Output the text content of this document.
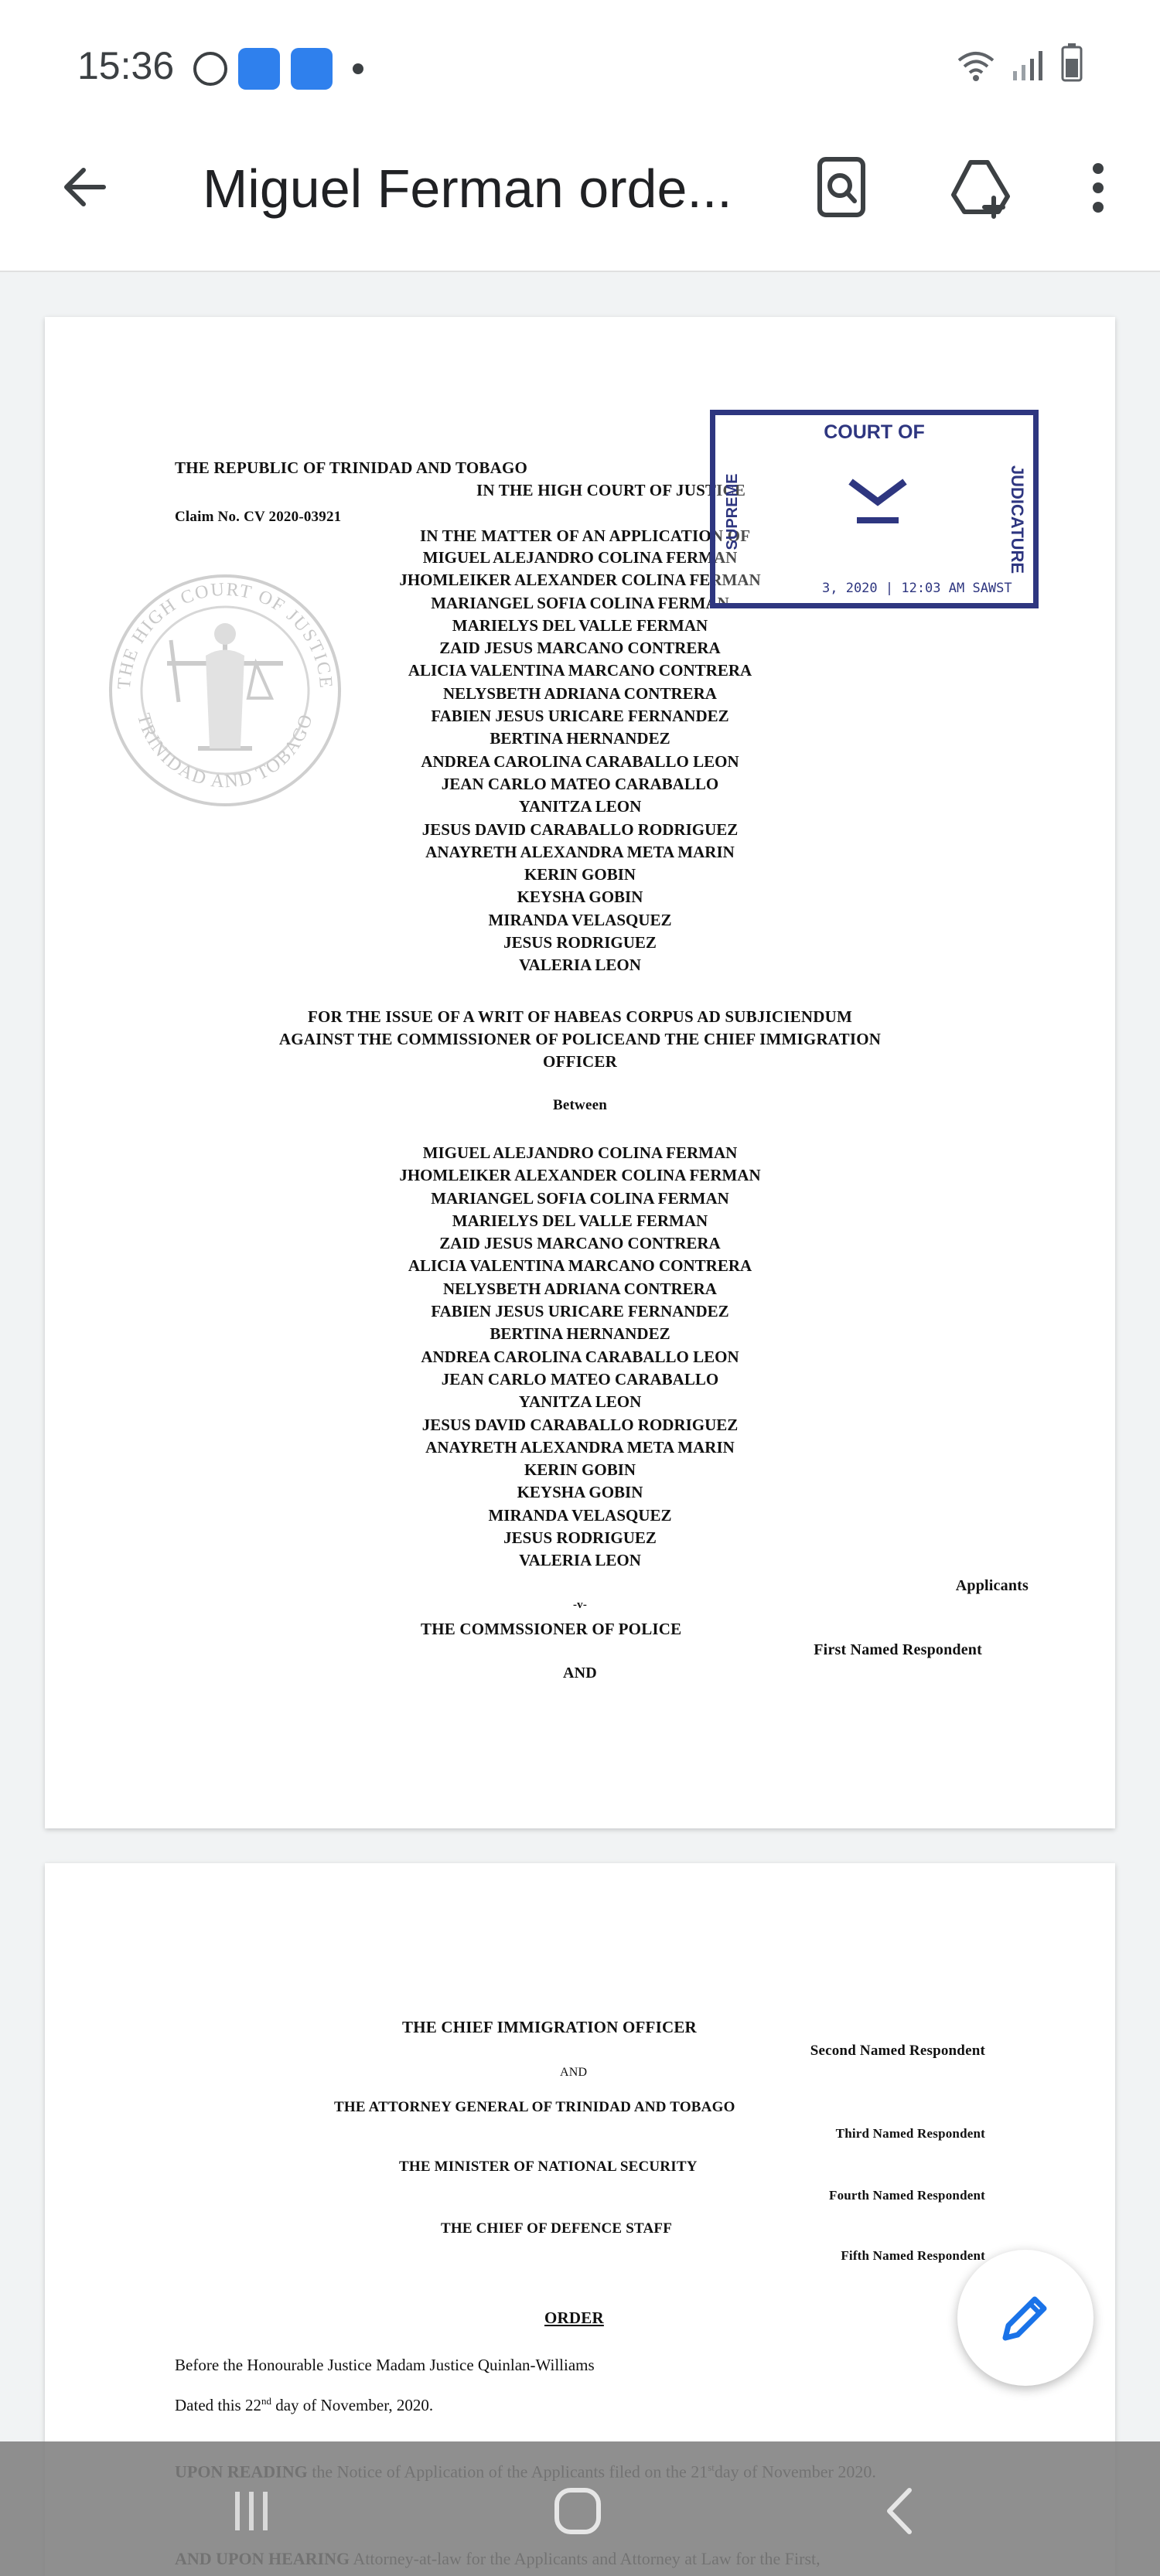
15:36
Miguel Ferman orde...
THE HIGH COURT OF JUSTICE
TRINIDAD AND TOBAGO
THE REPUBLIC OF TRINIDAD AND TOBAGO
IN THE HIGH COURT OF JUSTICE
Claim No. CV 2020-03921
IN THE MATTER OF AN APPLICATION OF
MIGUEL ALEJANDRO COLINA FERMAN
JHOMLEIKER ALEXANDER COLINA FERMAN
MARIANGEL SOFIA COLINA FERMAN
MARIELYS DEL VALLE FERMAN
ZAID JESUS MARCANO CONTRERA
ALICIA VALENTINA MARCANO CONTRERA
NELYSBETH ADRIANA CONTRERA
FABIEN JESUS URICARE FERNANDEZ
BERTINA HERNANDEZ
ANDREA CAROLINA CARABALLO LEON
JEAN CARLO MATEO CARABALLO
YANITZA LEON
JESUS DAVID CARABALLO RODRIGUEZ
ANAYRETH ALEXANDRA META MARIN
KERIN GOBIN
KEYSHA GOBIN
MIRANDA VELASQUEZ
JESUS RODRIGUEZ
VALERIA LEON
FOR THE ISSUE OF A WRIT OF HABEAS CORPUS AD SUBJICIENDUM
AGAINST THE COMMISSIONER OF POLICEAND THE CHIEF IMMIGRATION
OFFICER
Between
MIGUEL ALEJANDRO COLINA FERMAN
JHOMLEIKER ALEXANDER COLINA FERMAN
MARIANGEL SOFIA COLINA FERMAN
MARIELYS DEL VALLE FERMAN
ZAID JESUS MARCANO CONTRERA
ALICIA VALENTINA MARCANO CONTRERA
NELYSBETH ADRIANA CONTRERA
FABIEN JESUS URICARE FERNANDEZ
BERTINA HERNANDEZ
ANDREA CAROLINA CARABALLO LEON
JEAN CARLO MATEO CARABALLO
YANITZA LEON
JESUS DAVID CARABALLO RODRIGUEZ
ANAYRETH ALEXANDRA META MARIN
KERIN GOBIN
KEYSHA GOBIN
MIRANDA VELASQUEZ
JESUS RODRIGUEZ
VALERIA LEON
Applicants
-v-
THE COMMSSIONER OF POLICE
First Named Respondent
AND
COURT OF
SUPREME	JUDICATURE
3, 2020 | 12:03 AM SAWST
THE CHIEF IMMIGRATION OFFICER
Second Named Respondent
AND
THE ATTORNEY GENERAL OF TRINIDAD AND TOBAGO
Third Named Respondent
THE MINISTER OF NATIONAL SECURITY
Fourth Named Respondent
THE CHIEF OF DEFENCE STAFF
Fifth Named Respondent
ORDER
Before the Honourable Justice Madam Justice Quinlan-Williams
Dated this 22nd day of November, 2020.
